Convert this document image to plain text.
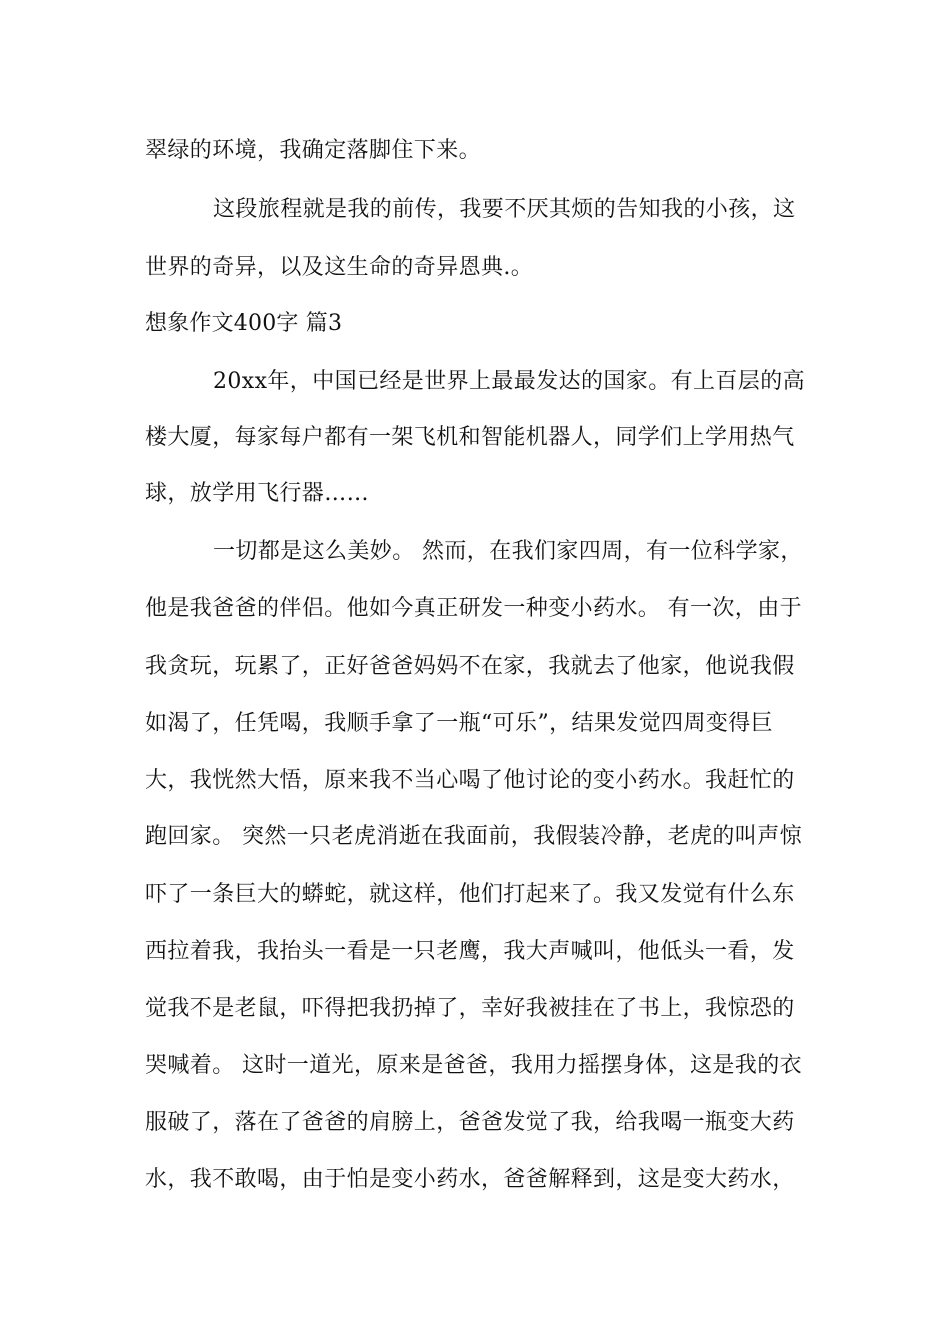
翠绿的环境，我确定落脚住下来。
这段旅程就是我的前传，我要不厌其烦的告知我的小孩，这
世界的奇异，以及这生命的奇异恩典.。
想象作文400字 篇3
20xx年，中国已经是世界上最最发达的国家。有上百层的高
楼大厦，每家每户都有一架飞机和智能机器人，同学们上学用热气
球，放学用飞行器……
一切都是这么美妙。 然而，在我们家四周，有一位科学家，
他是我爸爸的伴侣。他如今真正研发一种变小药水。 有一次，由于
我贪玩，玩累了，正好爸爸妈妈不在家，我就去了他家，他说我假
如渴了，任凭喝，我顺手拿了一瓶“可乐”，结果发觉四周变得巨
大，我恍然大悟，原来我不当心喝了他讨论的变小药水。我赶忙的
跑回家。 突然一只老虎消逝在我面前，我假装冷静，老虎的叫声惊
吓了一条巨大的蟒蛇，就这样，他们打起来了。我又发觉有什么东
西拉着我，我抬头一看是一只老鹰，我大声喊叫，他低头一看，发
觉我不是老鼠，吓得把我扔掉了，幸好我被挂在了书上，我惊恐的
哭喊着。 这时一道光，原来是爸爸，我用力摇摆身体，这是我的衣
服破了，落在了爸爸的肩膀上，爸爸发觉了我，给我喝一瓶变大药
水，我不敢喝，由于怕是变小药水，爸爸解释到，这是变大药水，
